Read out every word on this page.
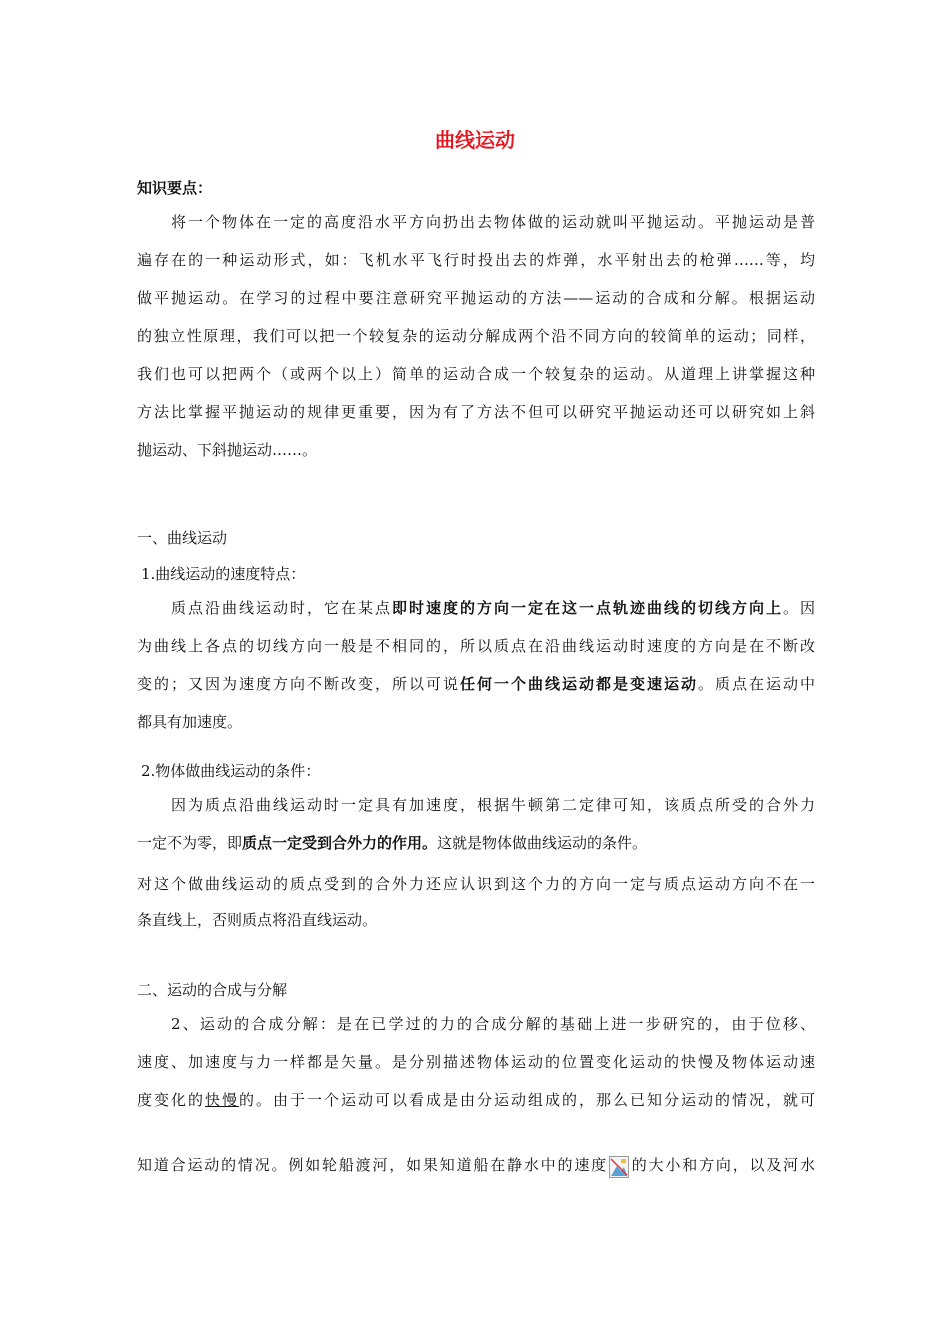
曲线运动
知识要点：
将一个物体在一定的高度沿水平方向扔出去物体做的运动就叫平抛运动。平抛运动是普
遍存在的一种运动形式，如：飞机水平飞行时投出去的炸弹，水平射出去的枪弹……等，均
做平抛运动。在学习的过程中要注意研究平抛运动的方法——运动的合成和分解。根据运动
的独立性原理，我们可以把一个较复杂的运动分解成两个沿不同方向的较简单的运动；同样，
我们也可以把两个（或两个以上）简单的运动合成一个较复杂的运动。从道理上讲掌握这种
方法比掌握平抛运动的规律更重要，因为有了方法不但可以研究平抛运动还可以研究如上斜
抛运动、下斜抛运动……。
一、曲线运动
1.曲线运动的速度特点：
质点沿曲线运动时，它在某点即时速度的方向一定在这一点轨迹曲线的切线方向上。因
为曲线上各点的切线方向一般是不相同的，所以质点在沿曲线运动时速度的方向是在不断改
变的；又因为速度方向不断改变，所以可说任何一个曲线运动都是变速运动。质点在运动中
都具有加速度。
2.物体做曲线运动的条件：
因为质点沿曲线运动时一定具有加速度，根据牛顿第二定律可知，该质点所受的合外力
一定不为零，即质点一定受到合外力的作用。这就是物体做曲线运动的条件。
对这个做曲线运动的质点受到的合外力还应认识到这个力的方向一定与质点运动方向不在一
条直线上，否则质点将沿直线运动。
二、运动的合成与分解
2、运动的合成分解：是在已学过的力的合成分解的基础上进一步研究的，由于位移、
速度、加速度与力一样都是矢量。是分别描述物体运动的位置变化运动的快慢及物体运动速
度变化的快慢的。由于一个运动可以看成是由分运动组成的，那么已知分运动的情况，就可
知道合运动的情况。例如轮船渡河，如果知道船在静水中的速度 的大小和方向，以及河水
